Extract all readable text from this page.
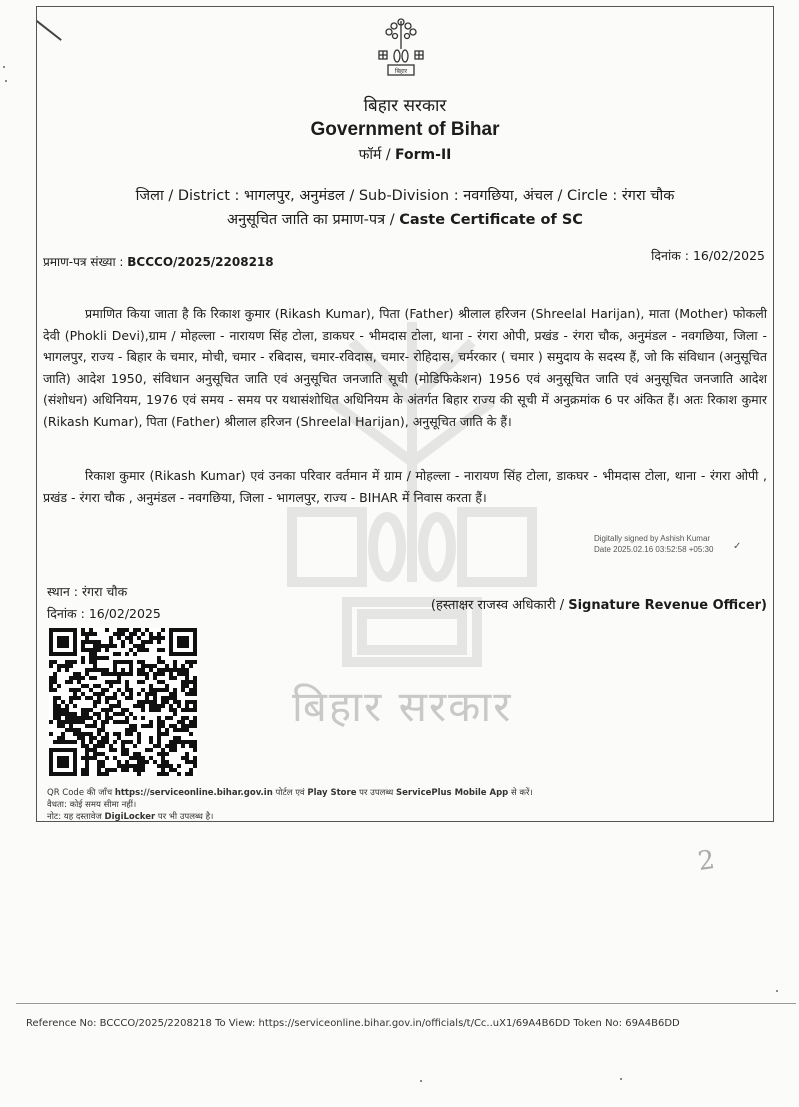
बिहार सरकार
बिहार
बिहार सरकार
Government of Bihar
फॉर्म / Form-II
जिला / District : भागलपुर, अनुमंडल / Sub-Division : नवगछिया, अंचल / Circle : रंगरा चौक
अनुसूचित जाति का प्रमाण-पत्र / Caste Certificate of SC
प्रमाण-पत्र संख्या : BCCCO/2025/2208218	दिनांक : 16/02/2025
प्रमाणित किया जाता है कि रिकाश कुमार (Rikash Kumar), पिता (Father) श्रीलाल हरिजन (Shreelal Harijan), माता (Mother) फोकली देवी (Phokli Devi),ग्राम / मोहल्ला - नारायण सिंह टोला, डाकघर - भीमदास टोला, थाना - रंगरा ओपी, प्रखंड - रंगरा चौक, अनुमंडल - नवगछिया, जिला - भागलपुर, राज्य - बिहार के चमार, मोची, चमार - रबिदास, चमार-रविदास, चमार- रोहिदास, चर्मरकार ( चमार ) समुदाय के सदस्य हैं, जो कि संविधान (अनुसूचित जाति) आदेश 1950, संविधान अनुसूचित जाति एवं अनुसूचित जनजाति सूची (मोडिफिकेशन) 1956 एवं अनुसूचित जाति एवं अनुसूचित जनजाति आदेश (संशोधन) अधिनियम, 1976 एवं समय - समय पर यथासंशोधित अधिनियम के अंतर्गत बिहार राज्य की सूची में अनुक्रमांक 6 पर अंकित हैं। अतः रिकाश कुमार (Rikash Kumar), पिता (Father) श्रीलाल हरिजन (Shreelal Harijan), अनुसूचित जाति के हैं।
रिकाश कुमार (Rikash Kumar) एवं उनका परिवार वर्तमान में ग्राम / मोहल्ला - नारायण सिंह टोला, डाकघर - भीमदास टोला, थाना - रंगरा ओपी , प्रखंड - रंगरा चौक , अनुमंडल - नवगछिया, जिला - भागलपुर, राज्य - BIHAR में निवास करता हैं।
Digitally signed by Ashish Kumar
Date 2025.02.16 03:52:58 +05:30 ✓
स्थान : रंगरा चौक
दिनांक : 16/02/2025
(हस्ताक्षर राजस्व अधिकारी / Signature Revenue Officer)
QR Code की जाँच https://serviceonline.bihar.gov.in पोर्टल एवं Play Store पर उपलब्ध ServicePlus Mobile App से करें।
वैधता: कोई समय सीमा नहीं।
नोट: यह दस्तावेज DigiLocker पर भी उपलब्ध है।
2
Reference No: BCCCO/2025/2208218 To View: https://serviceonline.bihar.gov.in/officials/t/Cc..uX1/69A4B6DD Token No: 69A4B6DD
